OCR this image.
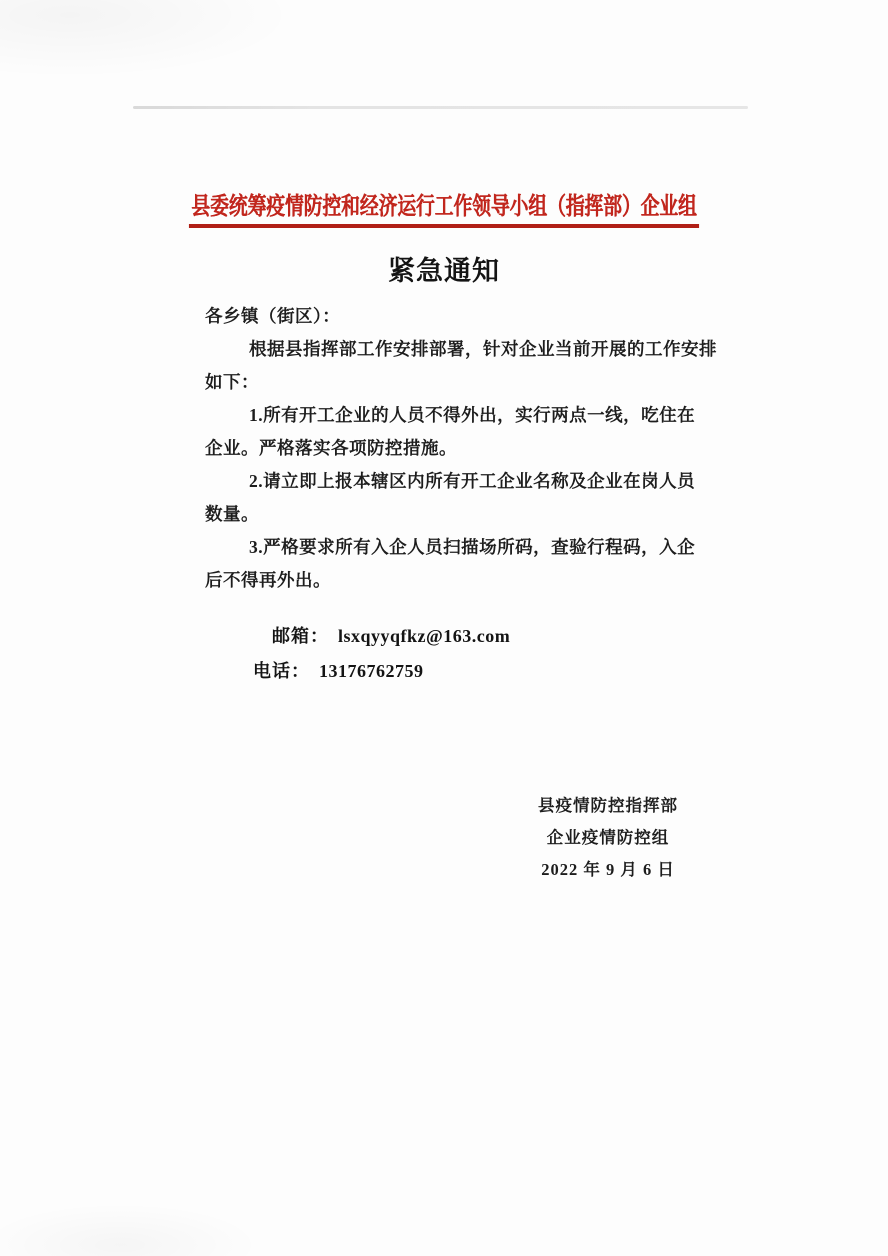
县委统筹疫情防控和经济运行工作领导小组（指挥部）企业组
紧急通知
各乡镇（街区）：
根据县指挥部工作安排部署，针对企业当前开展的工作安排
如下：
1.所有开工企业的人员不得外出，实行两点一线，吃住在
企业。严格落实各项防控措施。
2.请立即上报本辖区内所有开工企业名称及企业在岗人员
数量。
3.严格要求所有入企人员扫描场所码，查验行程码，入企
后不得再外出。
邮箱： lsxqyyqfkz@163.com
电话： 13176762759
县疫情防控指挥部
企业疫情防控组
2022 年 9 月 6 日
